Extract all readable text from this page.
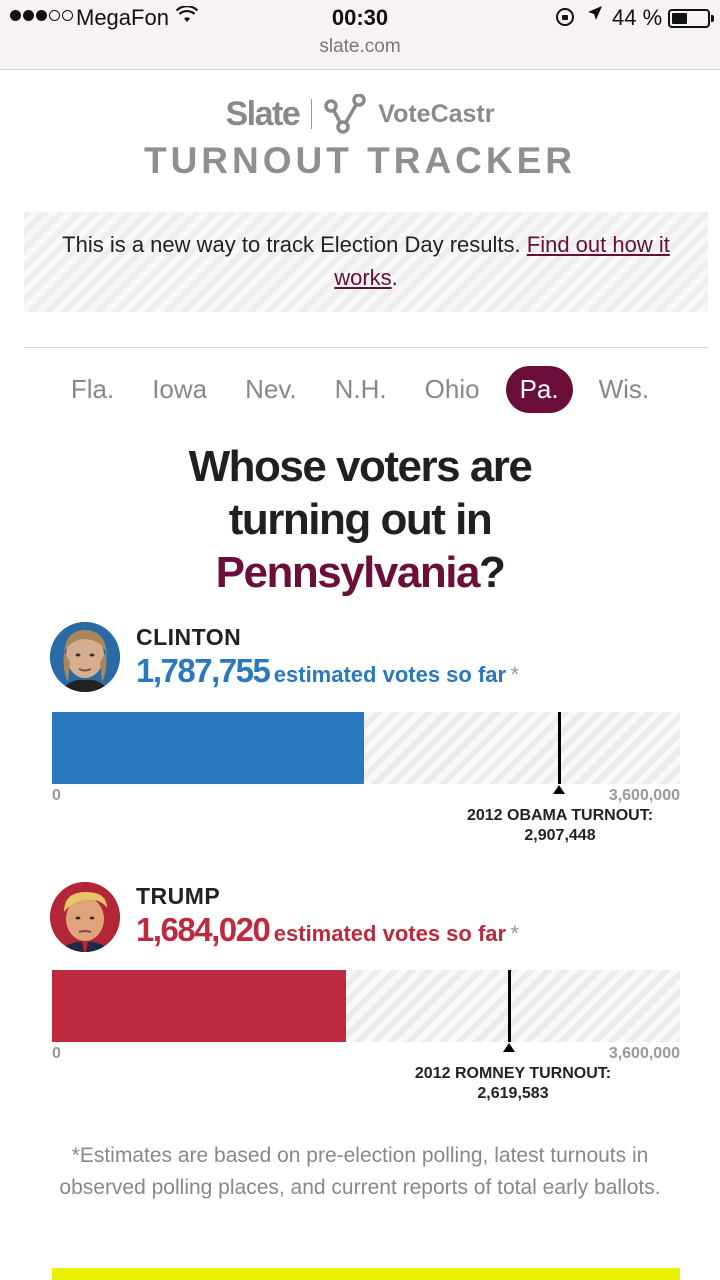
MegaFon	00:30	44 %
slate.com
Slate	VoteCastr
TURNOUT TRACKER
This is a new way to track Election Day results. Find out how it works.
Fla.	Iowa	Nev.	N.H.	Ohio	Pa.	Wis.
Whose voters are
turning out in
Pennsylvania?
CLINTON
1,787,755 estimated votes so far *
0	3,600,000
2012 OBAMA TURNOUT:
2,907,448
TRUMP
1,684,020 estimated votes so far *
0	3,600,000
2012 ROMNEY TURNOUT:
2,619,583
*Estimates are based on pre-election polling, latest turnouts in observed polling places, and current reports of total early ballots.
